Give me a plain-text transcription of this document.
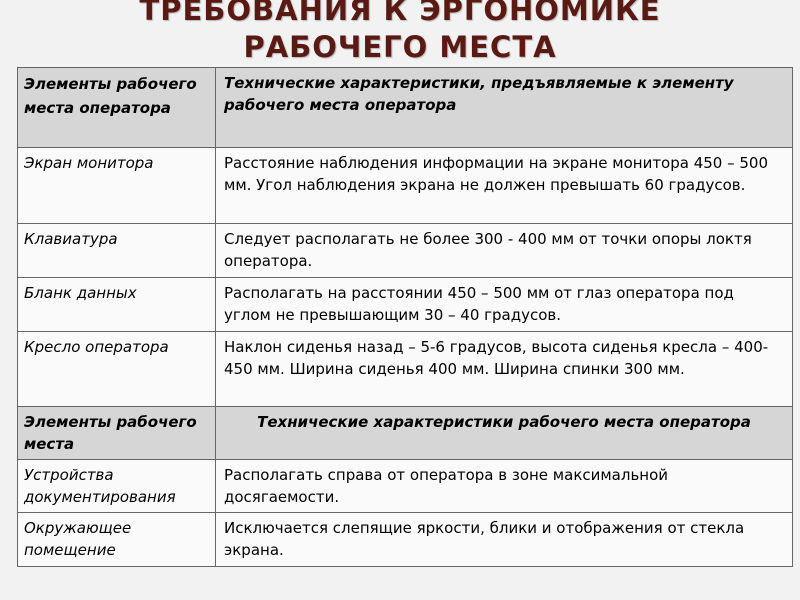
ТРЕБОВАНИЯ К ЭРГОНОМИКЕ
РАБОЧЕГО МЕСТА
Элементы рабочего места оператора	Технические характеристики, предъявляемые к элементу рабочего места оператора
Экран монитора	Расстояние наблюдения информации на экране монитора 450 – 500 мм. Угол наблюдения экрана не должен превышать 60 градусов.
Клавиатура	Следует располагать не более 300 - 400 мм от точки опоры локтя оператора.
Бланк данных	Располагать на расстоянии 450 – 500 мм от глаз оператора под углом не превышающим 30 – 40 градусов.
Кресло оператора	Наклон сиденья назад – 5-6 градусов, высота сиденья кресла – 400-450 мм. Ширина сиденья 400 мм. Ширина спинки 300 мм.
Элементы рабочего места	Технические характеристики рабочего места оператора
Устройства документирования	Располагать справа от оператора в зоне максимальной досягаемости.
Окружающее помещение	Исключается слепящие яркости, блики и отображения от стекла экрана.
